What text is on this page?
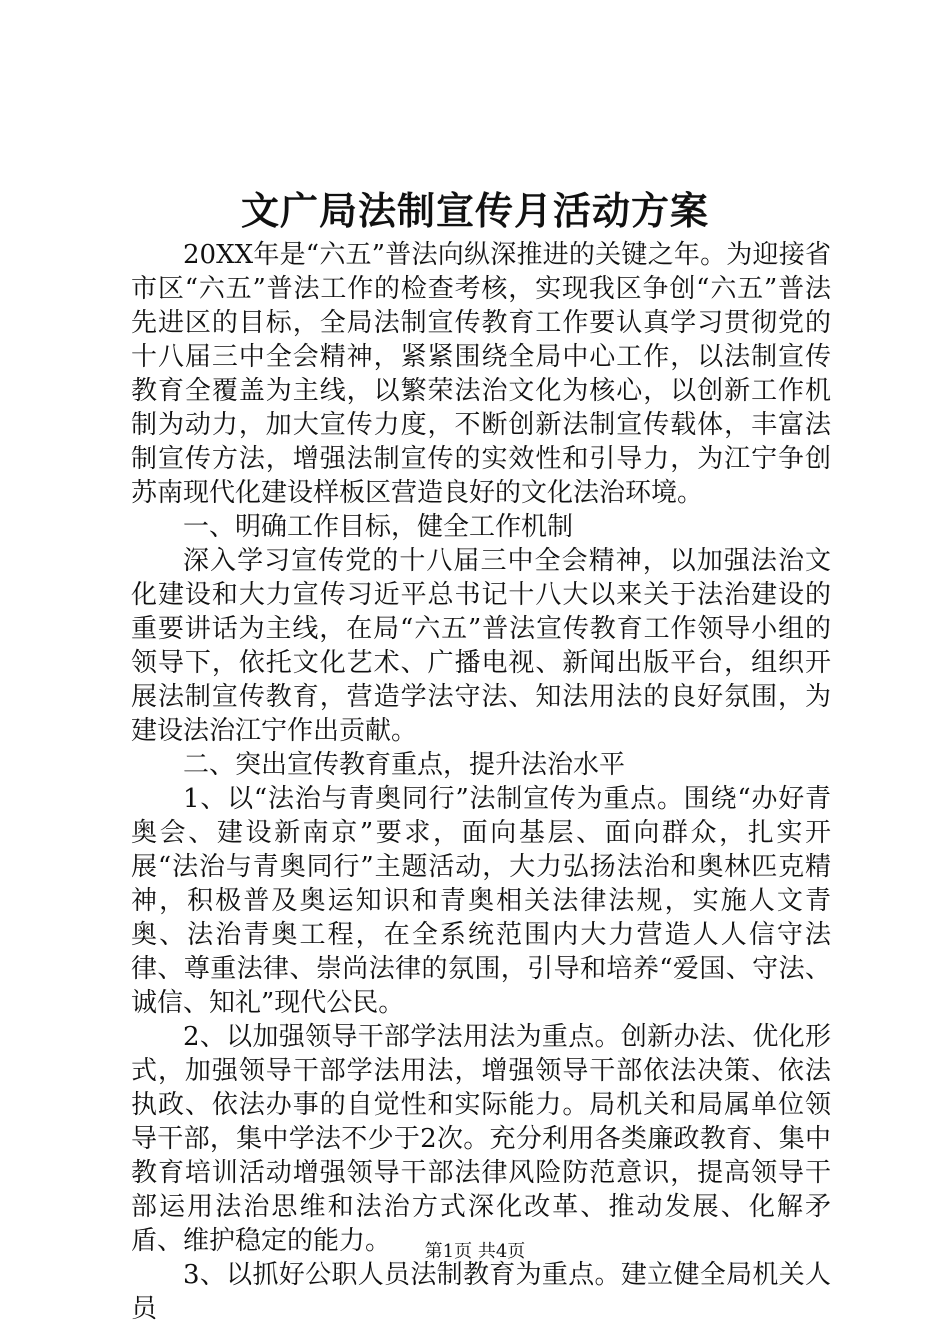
文广局法制宣传月活动方案

20XX年是“六五”普法向纵深推进的关键之年。为迎接省市区“六五”普法工作的检查考核，实现我区争创“六五”普法先进区的目标，全局法制宣传教育工作要认真学习贯彻党的十八届三中全会精神，紧紧围绕全局中心工作，以法制宣传教育全覆盖为主线，以繁荣法治文化为核心，以创新工作机制为动力，加大宣传力度，不断创新法制宣传载体，丰富法制宣传方法，增强法制宣传的实效性和引导力，为江宁争创苏南现代化建设样板区营造良好的文化法治环境。

一、明确工作目标，健全工作机制

深入学习宣传党的十八届三中全会精神，以加强法治文化建设和大力宣传习近平总书记十八大以来关于法治建设的重要讲话为主线，在局“六五”普法宣传教育工作领导小组的领导下，依托文化艺术、广播电视、新闻出版平台，组织开展法制宣传教育，营造学法守法、知法用法的良好氛围，为建设法治江宁作出贡献。

二、突出宣传教育重点，提升法治水平

1、以“法治与青奥同行”法制宣传为重点。围绕“办好青奥会、建设新南京”要求，面向基层、面向群众，扎实开展“法治与青奥同行”主题活动，大力弘扬法治和奥林匹克精神，积极普及奥运知识和青奥相关法律法规，实施人文青奥、法治青奥工程，在全系统范围内大力营造人人信守法律、尊重法律、崇尚法律的氛围，引导和培养“爱国、守法、诚信、知礼”现代公民。

2、以加强领导干部学法用法为重点。创新办法、优化形式，加强领导干部学法用法，增强领导干部依法决策、依法执政、依法办事的自觉性和实际能力。局机关和局属单位领导干部，集中学法不少于2次。充分利用各类廉政教育、集中教育培训活动增强领导干部法律风险防范意识，提高领导干部运用法治思维和法治方式深化改革、推动发展、化解矛盾、维护稳定的能力。

3、以抓好公职人员法制教育为重点。建立健全局机关人员

第1页 共4页
